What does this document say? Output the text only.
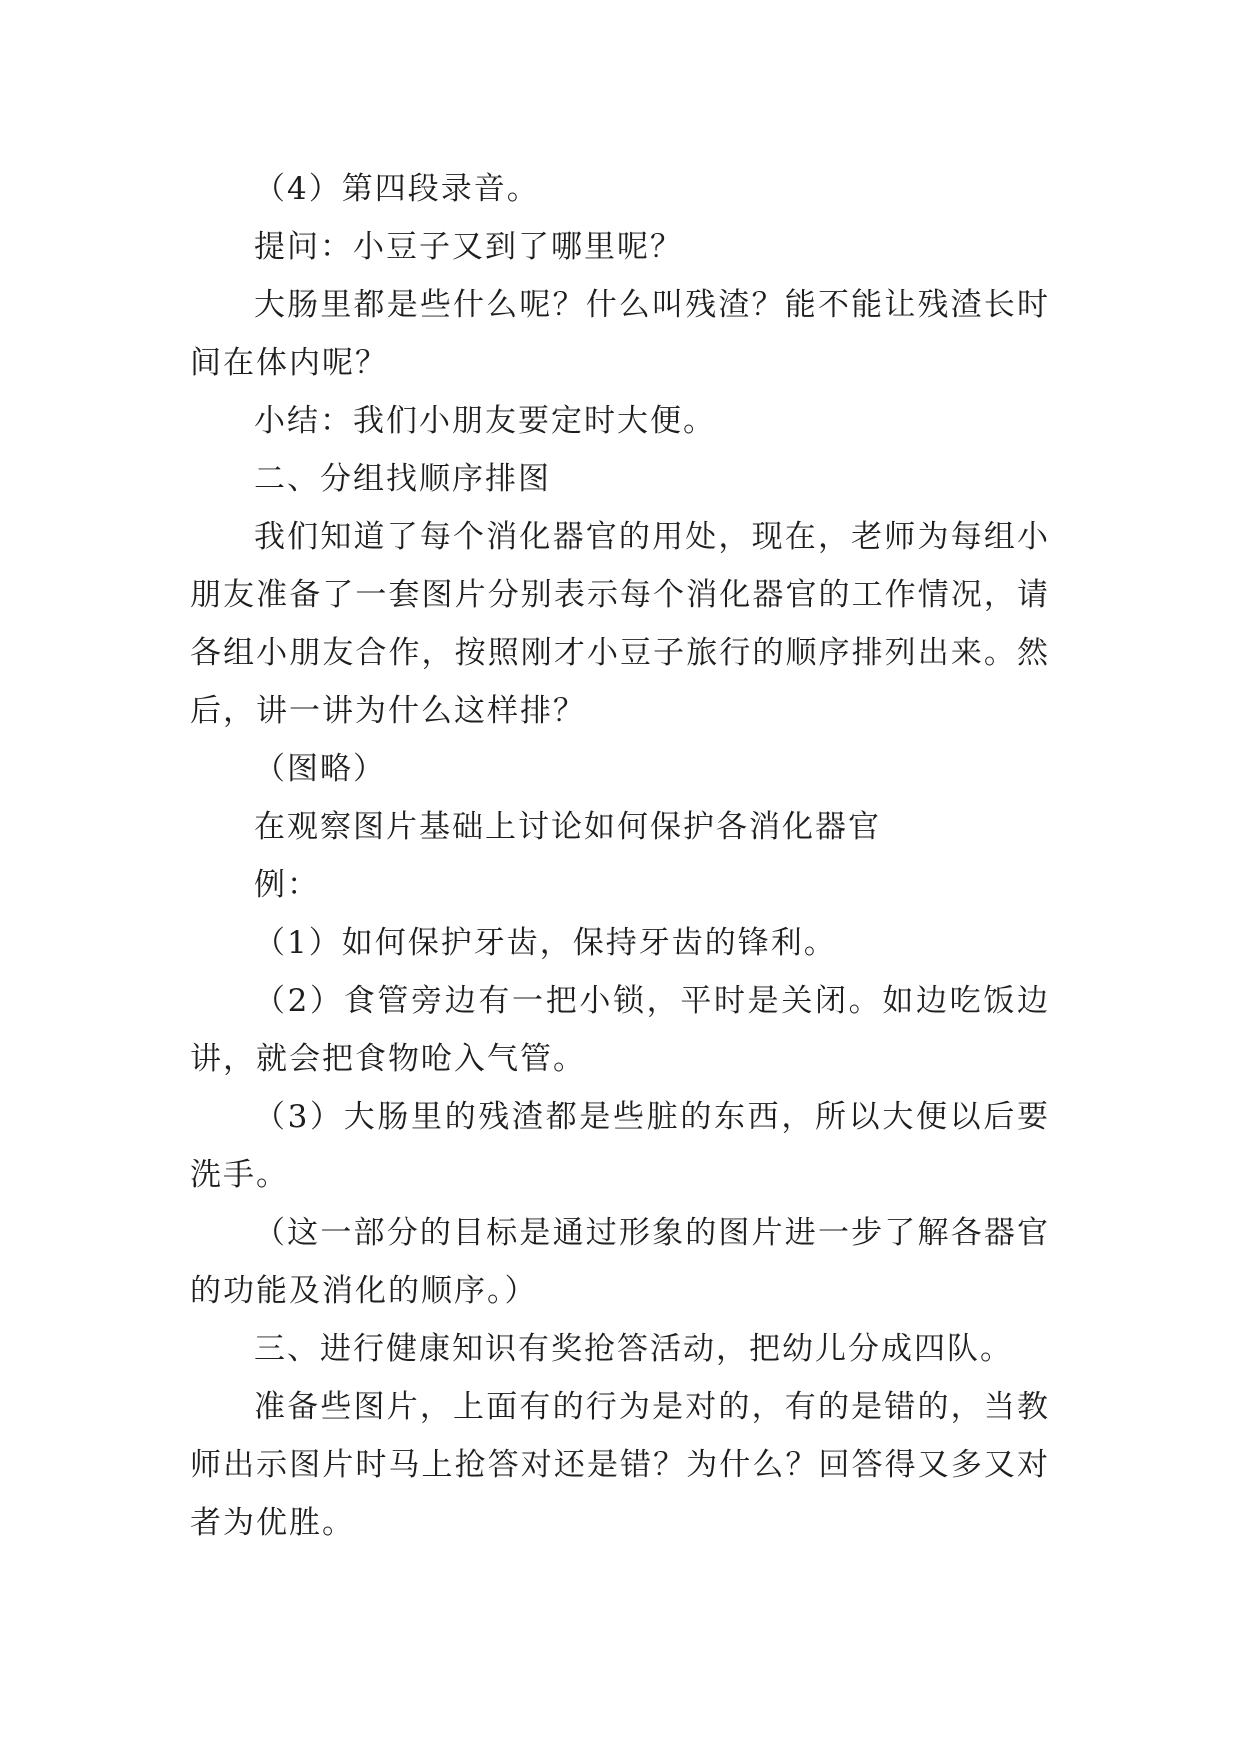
（4）第四段录音。

提问：小豆子又到了哪里呢？

大肠里都是些什么呢？什么叫残渣？能不能让残渣长时间在体内呢？

小结：我们小朋友要定时大便。

二、分组找顺序排图

我们知道了每个消化器官的用处，现在，老师为每组小朋友准备了一套图片分别表示每个消化器官的工作情况，请各组小朋友合作，按照刚才小豆子旅行的顺序排列出来。然后，讲一讲为什么这样排？

（图略）

在观察图片基础上讨论如何保护各消化器官

例：

（1）如何保护牙齿，保持牙齿的锋利。

（2）食管旁边有一把小锁，平时是关闭。如边吃饭边讲，就会把食物呛入气管。

（3）大肠里的残渣都是些脏的东西，所以大便以后要洗手。

（这一部分的目标是通过形象的图片进一步了解各器官的功能及消化的顺序。）

三、进行健康知识有奖抢答活动，把幼儿分成四队。

准备些图片，上面有的行为是对的，有的是错的，当教师出示图片时马上抢答对还是错？为什么？回答得又多又对者为优胜。
